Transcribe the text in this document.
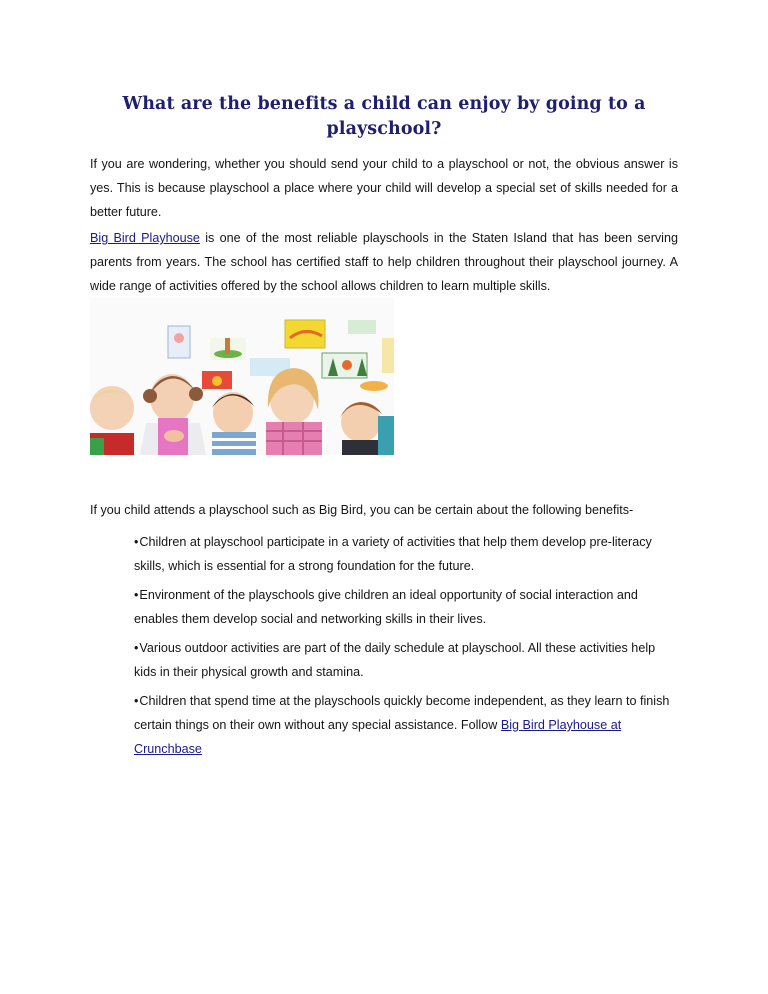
What are the benefits a child can enjoy by going to a playschool?

If you are wondering, whether you should send your child to a playschool or not, the obvious answer is yes. This is because playschool a place where your child will develop a special set of skills needed for a better future.

Big Bird Playhouse is one of the most reliable playschools in the Staten Island that has been serving parents from years. The school has certified staff to help children throughout their playschool journey. A wide range of activities offered by the school allows children to learn multiple skills.

If you child attends a playschool such as Big Bird, you can be certain about the following benefits-

•Children at playschool participate in a variety of activities that help them develop pre-literacy skills, which is essential for a strong foundation for the future.
•Environment of the playschools give children an ideal opportunity of social interaction and enables them develop social and networking skills in their lives.
•Various outdoor activities are part of the daily schedule at playschool. All these activities help kids in their physical growth and stamina.
•Children that spend time at the playschools quickly become independent, as they learn to finish certain things on their own without any special assistance. Follow Big Bird Playhouse at Crunchbase
